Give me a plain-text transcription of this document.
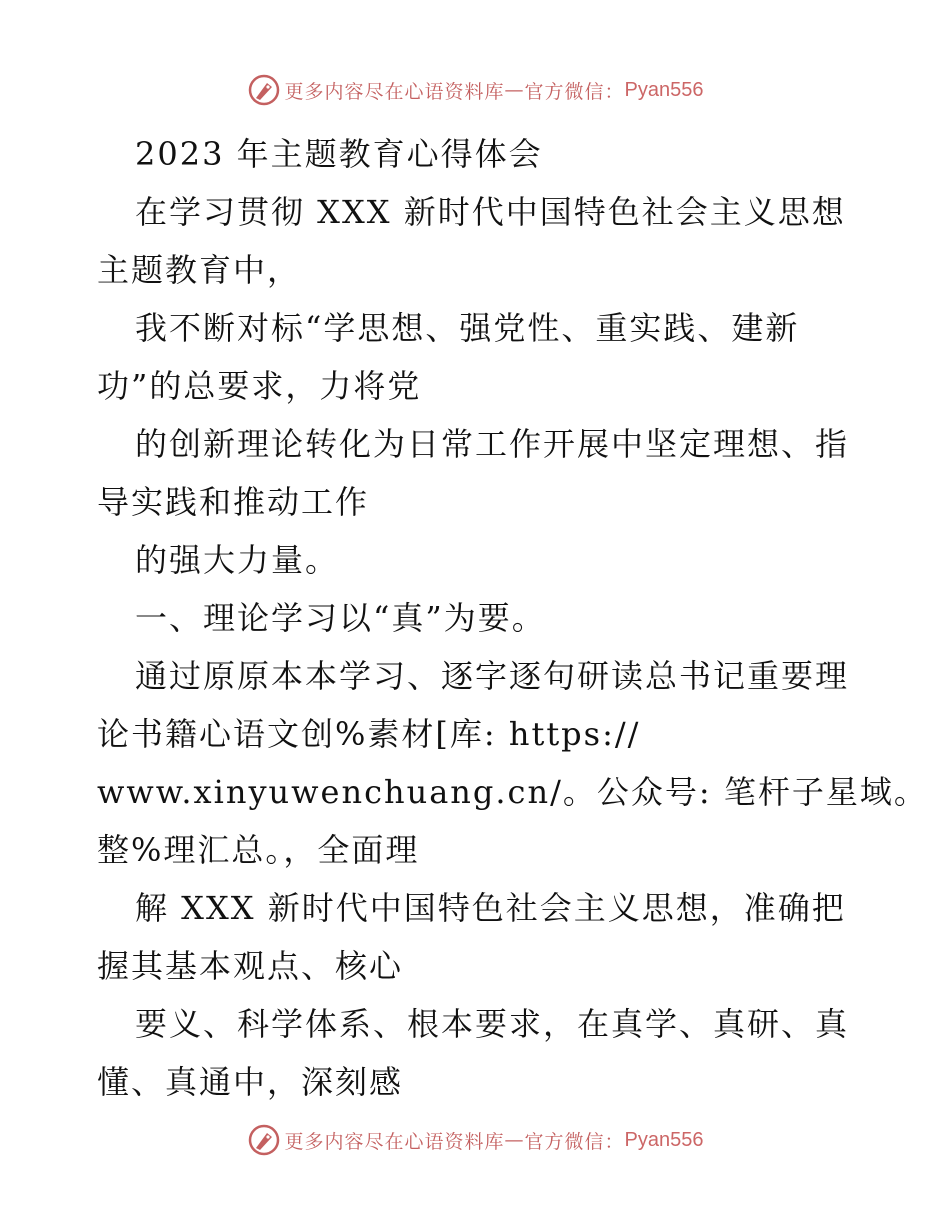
更多内容尽在心语资料库 — 官方微信： Pyan556
2023 年主题教育心得体会
在学习贯彻 XXX 新时代中国特色社会主义思想
主题教育中，
我不断对标“学思想、强党性、重实践、建新
功”的总要求，力将党
的创新理论转化为日常工作开展中坚定理想、指
导实践和推动工作
的强大力量。
一、理论学习以“真”为要。
通过原原本本学习、逐字逐句研读总书记重要理
论书籍心语文创%素材[库: https://
www.xinyuwenchuang.cn/。公众号: 笔杆子星域。
整%理汇总。，全面理
解 XXX 新时代中国特色社会主义思想，准确把
握其基本观点、核心
要义、科学体系、根本要求，在真学、真研、真
懂、真通中，深刻感
更多内容尽在心语资料库 — 官方微信： Pyan556
